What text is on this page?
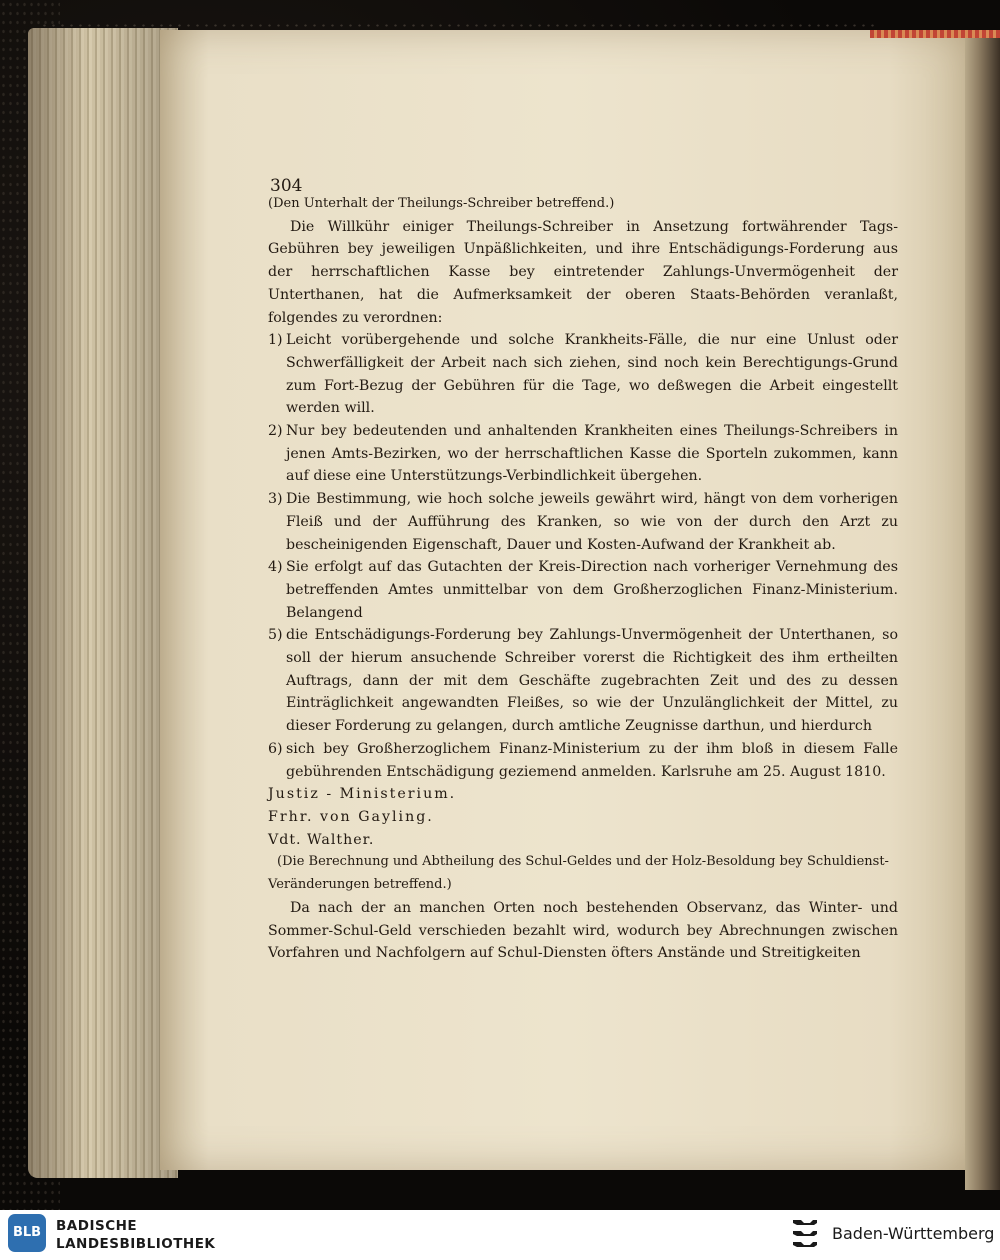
304

(Den Unterhalt der Theilungs-Schreiber betreffend.)

Die Willkühr einiger Theilungs-Schreiber in Ansetzung fortwährender Tags-Gebühren bey jeweiligen Unpäßlichkeiten, und ihre Entschädigungs-Forderung aus der herrschaftlichen Kasse bey eintretender Zahlungs-Unvermögenheit der Unterthanen, hat die Aufmerksamkeit der oberen Staats-Behörden veranlaßt, folgendes zu verordnen:

1) Leicht vorübergehende und solche Krankheits-Fälle, die nur eine Unlust oder Schwerfälligkeit der Arbeit nach sich ziehen, sind noch kein Berechtigungs-Grund zum Fort-Bezug der Gebühren für die Tage, wo deßwegen die Arbeit eingestellt werden will.
2) Nur bey bedeutenden und anhaltenden Krankheiten eines Theilungs-Schreibers in jenen Amts-Bezirken, wo der herrschaftlichen Kasse die Sporteln zukommen, kann auf diese eine Unterstützungs-Verbindlichkeit übergehen.
3) Die Bestimmung, wie hoch solche jeweils gewährt wird, hängt von dem vorherigen Fleiß und der Aufführung des Kranken, so wie von der durch den Arzt zu bescheinigenden Eigenschaft, Dauer und Kosten-Aufwand der Krankheit ab.
4) Sie erfolgt auf das Gutachten der Kreis-Direction nach vorheriger Vernehmung des betreffenden Amtes unmittelbar von dem Großherzoglichen Finanz-Ministerium. Belangend
5) die Entschädigungs-Forderung bey Zahlungs-Unvermögenheit der Unterthanen, so soll der hierum ansuchende Schreiber vorerst die Richtigkeit des ihm ertheilten Auftrags, dann der mit dem Geschäfte zugebrachten Zeit und des zu dessen Einträglichkeit angewandten Fleißes, so wie der Unzulänglichkeit der Mittel, zu dieser Forderung zu gelangen, durch amtliche Zeugnisse darthun, und hierdurch
6) sich bey Großherzoglichem Finanz-Ministerium zu der ihm bloß in diesem Falle gebührenden Entschädigung geziemend anmelden. Karlsruhe am 25. August 1810.

Justiz - Ministerium.

Frhr. von Gayling.

Vdt. Walther.

(Die Berechnung und Abtheilung des Schul-Geldes und der Holz-Besoldung bey Schuldienst-Veränderungen betreffend.)

Da nach der an manchen Orten noch bestehenden Observanz, das Winter- und Sommer-Schul-Geld verschieden bezahlt wird, wodurch bey Abrechnungen zwischen Vorfahren und Nachfolgern auf Schul-Diensten öfters Anstände und Streitigkeiten

BLB	BADISCHE
LANDESBIBLIOTHEK
Baden-Württemberg
